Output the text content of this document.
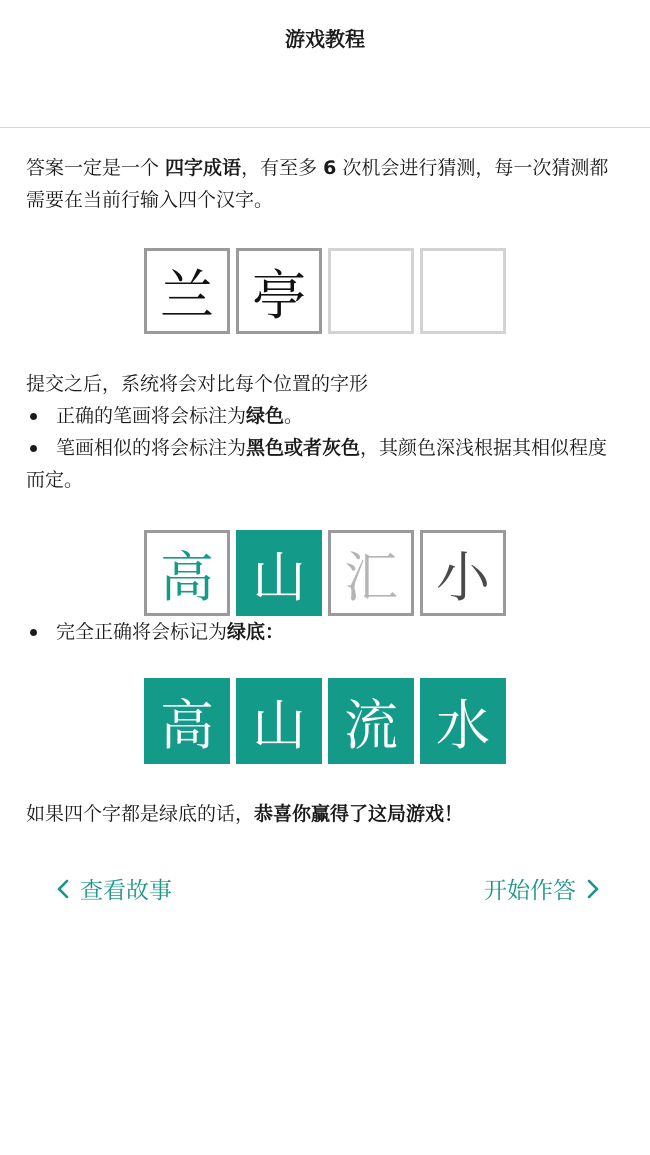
游戏教程

答案一定是一个 四字成语，有至多 6 次机会进行猜测，每一次猜测都需要在当前行输入四个汉字。

兰 亭

提交之后，系统将会对比每个位置的字形

正确的笔画将会标注为绿色。
笔画相似的将会标注为黑色或者灰色，其颜色深浅根据其相似程度而定。
高 山 汇 小
完全正确将会标记为绿底：
高 山 流 水

如果四个字都是绿底的话，恭喜你赢得了这局游戏！

查看故事	开始作答
